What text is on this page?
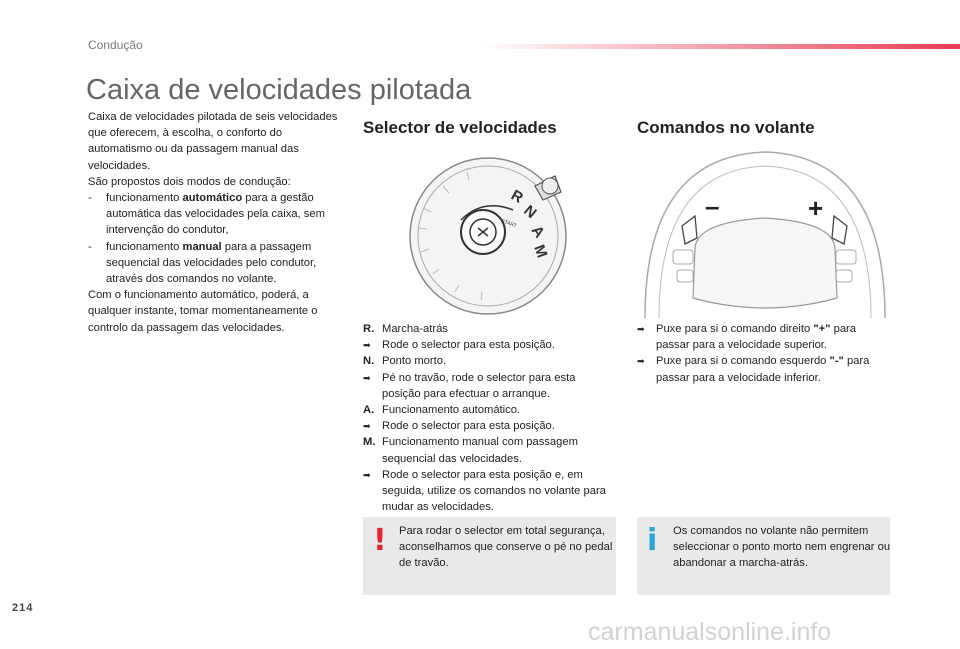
Condução
Caixa de velocidades pilotada

Caixa de velocidades pilotada de seis velocidades que oferecem, à escolha, o conforto do automatismo ou da passagem manual das velocidades.

São propostos dois modos de condução:

-	funcionamento automático para a gestão automática das velocidades pela caixa, sem intervenção do condutor,
-	funcionamento manual para a passagem sequencial das velocidades pelo condutor, através dos comandos no volante.

Com o funcionamento automático, poderá, a qualquer instante, tomar momentaneamente o controlo da passagem das velocidades.

Selector de velocidades
R
N
A
M
START
R. Marcha-atrás
➡	Rode o selector para esta posição.
N. Ponto morto.
➡	Pé no travão, rode o selector para esta posição para efectuar o arranque.
A. Funcionamento automático.
➡	Rode o selector para esta posição.
M. Funcionamento manual com passagem sequencial das velocidades.
➡	Rode o selector para esta posição e, em seguida, utilize os comandos no volante para mudar as velocidades.
! Para rodar o selector em total segurança, aconselhamos que conserve o pé no pedal de travão.
Comandos no volante
–	+
➡	Puxe para si o comando direito "+" para passar para a velocidade superior.
➡	Puxe para si o comando esquerdo "-" para passar para a velocidade inferior.
i Os comandos no volante não permitem seleccionar o ponto morto nem engrenar ou abandonar a marcha-atrás.
214
carmanualsonline.info
